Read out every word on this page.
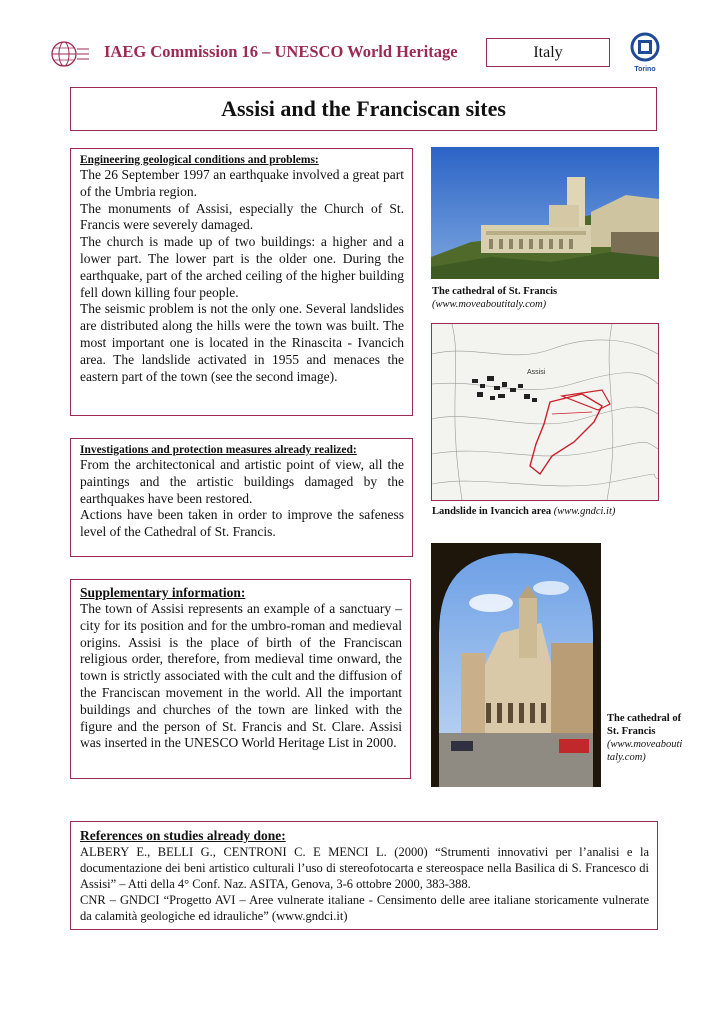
IAEG Commission 16 – UNESCO World Heritage	Italy
Torino
Assisi and the Franciscan sites
Engineering geological conditions and problems:

The 26 September 1997 an earthquake involved a great part of the Umbria region.

The monuments of Assisi, especially the Church of St. Francis were severely damaged.

The church is made up of two buildings: a higher and a lower part. The lower part is the older one. During the earthquake, part of the arched ceiling of the higher building fell down killing four people.

The seismic problem is not the only one. Several landslides are distributed along the hills were the town was built. The most important one is located in the Rinascita - Ivancich area. The landslide activated in 1955 and menaces the eastern part of the town (see the second image).

Investigations and protection measures already realized:

From the architectonical and artistic point of view, all the paintings and the artistic buildings damaged by the earthquakes have been restored.

Actions have been taken in order to improve the safeness level of the Cathedral of St. Francis.

Supplementary information:

The town of Assisi represents an example of a sanctuary – city for its position and for the umbro-roman and medieval origins. Assisi is the place of birth of the Franciscan religious order, therefore, from medieval time onward, the town is strictly associated with the cult and the diffusion of the Franciscan movement in the world. All the important buildings and churches of the town are linked with the figure and the person of St. Francis and St. Clare. Assisi was inserted in the UNESCO World Heritage List in 2000.

References on studies already done:

ALBERY E., BELLI G., CENTRONI C. E MENCI L. (2000) “Strumenti innovativi per l’analisi e la documentazione dei beni artistico culturali l’uso di stereofotocarta e stereospace nella Basilica di S. Francesco di Assisi” – Atti della 4° Conf. Naz. ASITA, Genova, 3-6 ottobre 2000, 383-388.

CNR – GNDCI “Progetto AVI – Aree vulnerate italiane - Censimento delle aree italiane storicamente vulnerate da calamità geologiche ed idrauliche” (www.gndci.it)

The cathedral of St. Francis
(www.moveaboutitaly.com)
Assisi
Landslide in Ivancich area (www.gndci.it)
The cathedral of St. Francis
(www.moveaboutitaly.com)
